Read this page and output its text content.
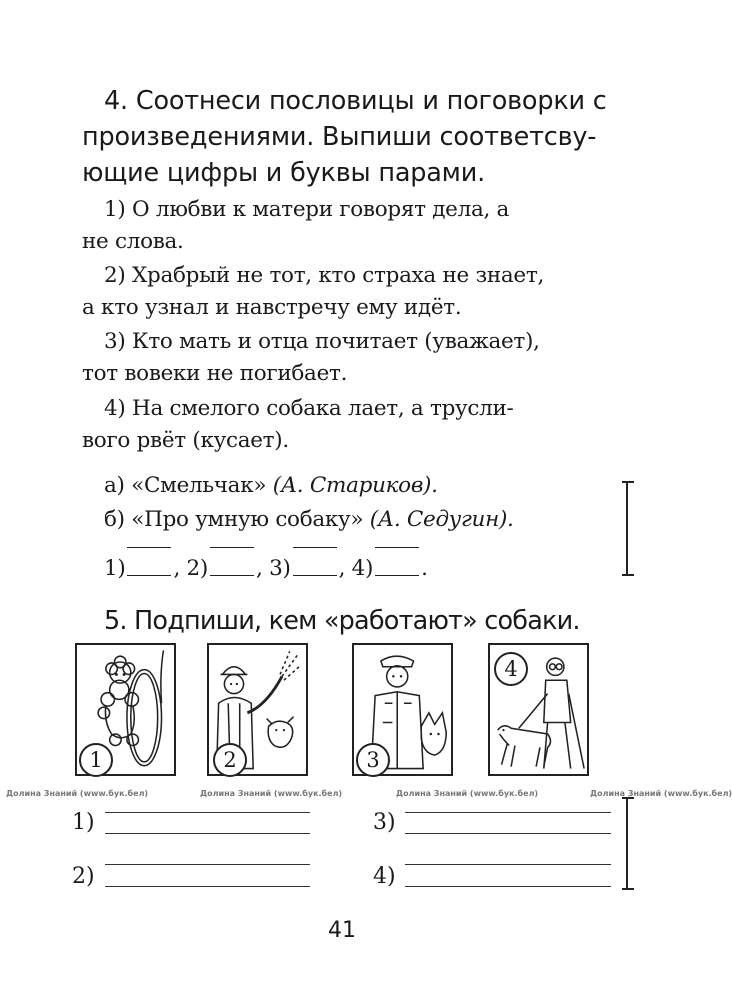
4. Соотнеси пословицы и поговорки с
произведениями. Выпиши соответсву-
ющие цифры и буквы парами.
1) О любви к матери говорят дела, а
не слова.
2) Храбрый не тот, кто страха не знает,
а кто узнал и навстречу ему идёт.
3) Кто мать и отца почитает (уважает),
тот вовеки не погибает.
4) На смелого собака лает, а трусли-
вого рвёт (кусает).
а) «Смельчак» (А. Стариков).
б) «Про умную собаку» (А. Седугин).
1) , 2) , 3) , 4) .
5. Подпиши, кем «работают» собаки.
1	2	3
4
Долина Знаний (www.бук.бел)	Долина Знаний (www.бук.бел)	Долина Знаний (www.бук.бел)	Долина Знаний (www.бук.бел)
1)
2)
3)
4)
41
